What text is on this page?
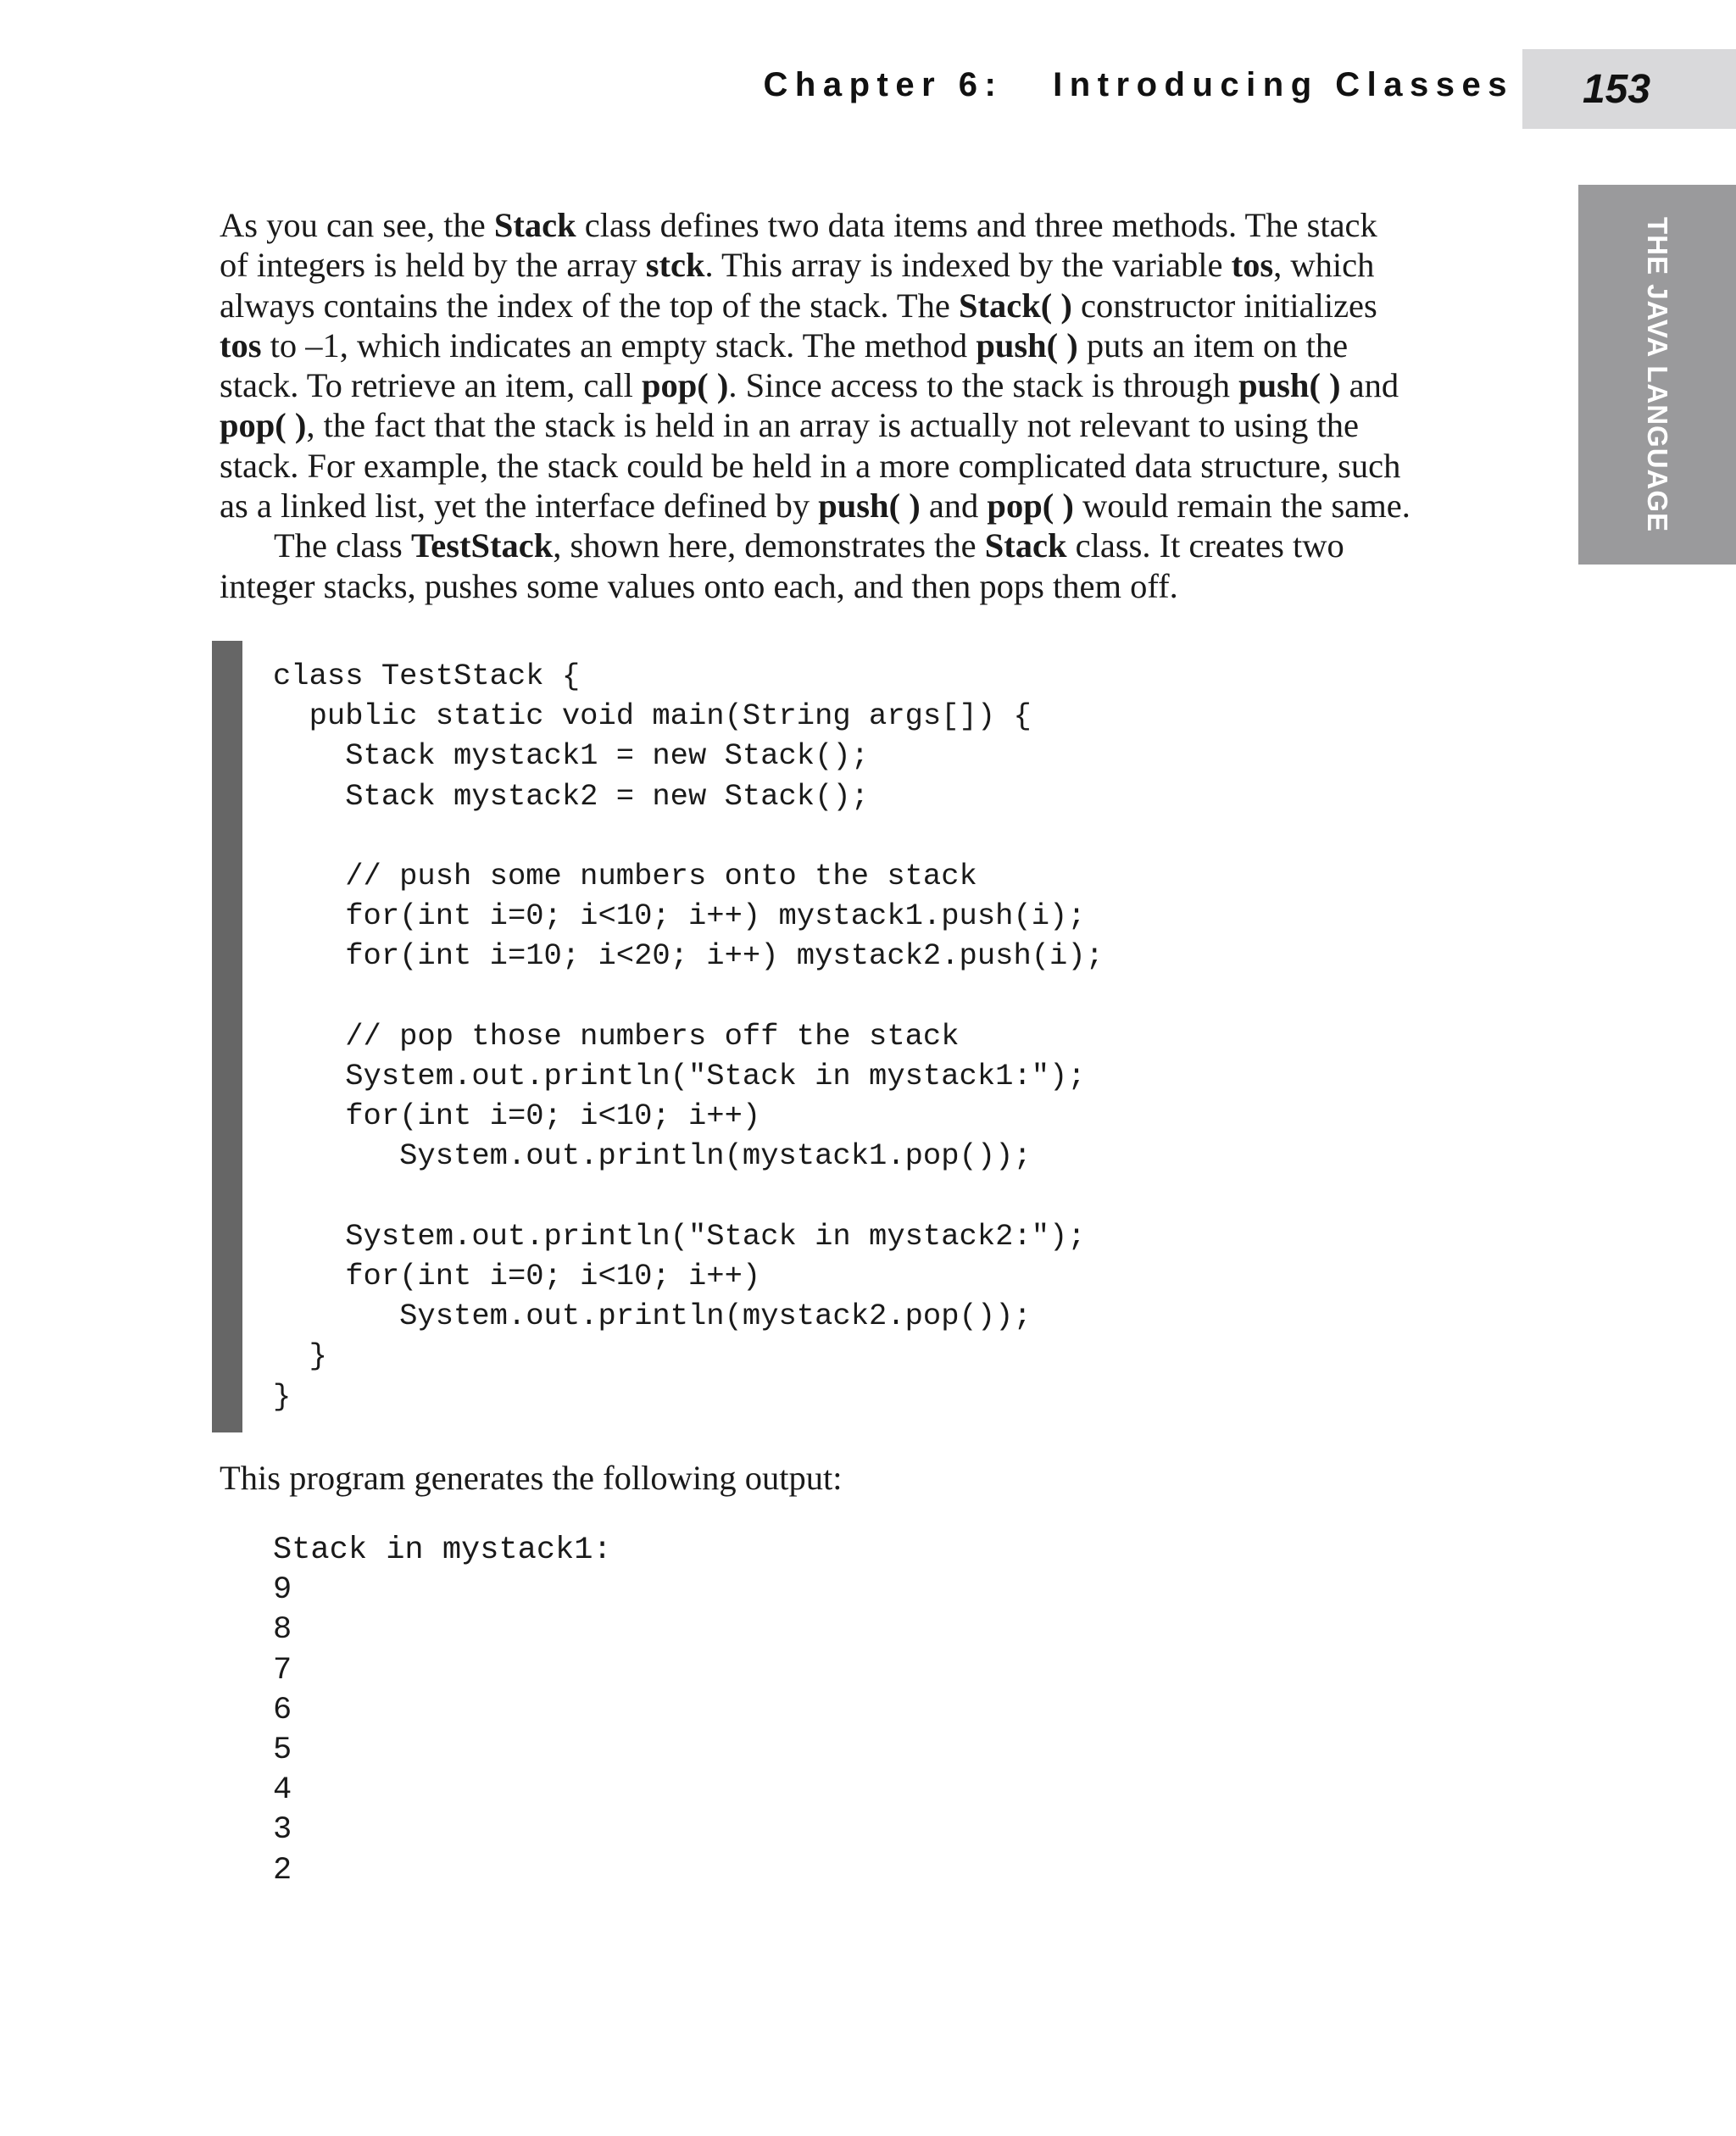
Chapter 6:   Introducing Classes 153
THE JAVA LANGUAGE

As you can see, the Stack class defines two data items and three methods. The stack

of integers is held by the array stck. This array is indexed by the variable tos, which

always contains the index of the top of the stack. The Stack( ) constructor initializes

tos to –1, which indicates an empty stack. The method push( ) puts an item on the

stack. To retrieve an item, call pop( ). Since access to the stack is through push( ) and

pop( ), the fact that the stack is held in an array is actually not relevant to using the

stack. For example, the stack could be held in a more complicated data structure, such

as a linked list, yet the interface defined by push( ) and pop( ) would remain the same.

The class TestStack, shown here, demonstrates the Stack class. It creates two

integer stacks, pushes some values onto each, and then pops them off.

class TestStack {
public static void main(String args[]) {
Stack mystack1 = new Stack();
Stack mystack2 = new Stack();

// push some numbers onto the stack
for(int i=0; i<10; i++) mystack1.push(i);
for(int i=10; i<20; i++) mystack2.push(i);

// pop those numbers off the stack
System.out.println("Stack in mystack1:");
for(int i=0; i<10; i++)
System.out.println(mystack1.pop());

System.out.println("Stack in mystack2:");
for(int i=0; i<10; i++)
System.out.println(mystack2.pop());
}
}
This program generates the following output:
Stack in mystack1:
9
8
7
6
5
4
3
2
